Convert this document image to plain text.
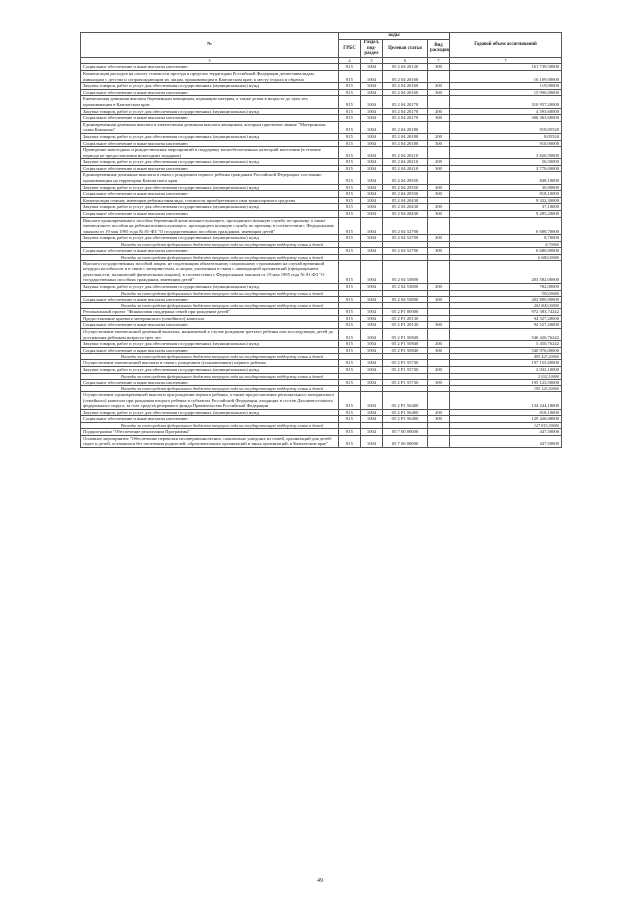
№	коды				Годовой объем ассигнований
	ГРБС	Раздел, под-раздел	Целевая статья	Вид расходов	
3	4	5	6	7	7
Социальное обеспечение и иные выплаты населению	815	1004	05 2 04 20120	300	161 739,50000
Компенсация расходов на оплату стоимости проезда в пределах территории Российской Федерации детям-инвалидам, инвалидам с детства и сопровождающим их лицам, проживающим в Камчатском крае, к месту отдыха и обратно	815	1004	05 2 04 20160		16 109,00000
Закупка товаров, работ и услуг для обеспечения государственных (муниципальных) нужд	815	1004	05 2 04 20160	200	119,00000
Социальное обеспечение и иные выплаты населению	815	1004	05 2 04 20160	300	15 990,00000
Ежемесячная денежная выплата беременным женщинам, кормящим матерям, а также детям в возрасте до трех лет, проживающим в Камчатском крае	815	1004	05 2 04 20170		310 957,20000
Закупка товаров, работ и услуг для обеспечения государственных (муниципальных) нужд	815	1004	05 2 04 20170	200	4 593,60000
Социальное обеспечение и иные выплаты населению	815	1004	05 2 04 20170	300	306 363,60000
Единовременная денежная выплата и ежемесячная денежная выплата женщинам, которым присвоено звание "Материнская слава Камчатки"	815	1004	05 2 04 20180		918,05520
Закупка товаров, работ и услуг для обеспечения государственных (муниципальных) нужд	815	1004	05 2 04 20180	200	8,05520
Социальное обеспечение и иные выплаты населению	815	1004	05 2 04 20180	300	910,00000
Проведение новогодних и рождественских мероприятий в поддержку малообеспеченных категорий населения (в течение периода не предоставления новогодних подарков)	815	1004	05 2 04 20210		3 826,50000
Закупка товаров, работ и услуг для обеспечения государственных (муниципальных) нужд	815	1004	05 2 04 20210	200	56,50000
Социальное обеспечение и иные выплаты населению	815	1004	05 2 04 20210	300	3 770,00000
Единовременные денежные выплаты в связи с рождением первого ребенка гражданам Российской Федерации, постоянно проживающим на территории Камчатского края	815	1004	05 2 04 20350		848,10000
Закупка товаров, работ и услуг для обеспечения государственных (муниципальных) нужд	815	1004	05 2 04 20350	200	30,00000
Социальное обеспечение и иные выплаты населению	815	1004	05 2 04 20350	300	818,10000
Компенсация семьям, имеющим ребенка-инвалида, стоимости приобретенного ими транспортного средства	815	1004	05 2 04 20430		9 322,30000
Закупка товаров, работ и услуг для обеспечения государственных (муниципальных) нужд	815	1004	05 2 04 20430	200	37,10000
Социальное обеспечение и иные выплаты населению	815	1004	05 2 04 20430	300	9 285,20000
Выплата единовременного пособия беременной жене военнослужащего, проходящего военную службу по призыву, а также ежемесячного пособия на ребенка военнослужащего, проходящего военную службу по призыву, в соответствии с Федеральным законом от 19 мая 1995 года № 81-ФЗ "О государственных пособиях гражданам, имеющим детей"	815	1004	05 2 04 52700		6 688,70000
Закупка товаров, работ и услуг для обеспечения государственных (муниципальных) нужд	815	1004	05 2 04 52700	200	8,70000
Расходы за счет средств федерального бюджета текущего года на государственную поддержку семьи и детей					8,70000
Социальное обеспечение и иные выплаты населению	815	1004	05 2 04 52700	300	6 680,00000
Расходы за счет средств федерального бюджета текущего года на государственную поддержку семьи и детей					6 680,00000
Выплата государственных пособий лицам, не подлежащим обязательному социальному страхованию на случай временной нетрудоспособности и в связи с материнством, и лицам, уволенным в связи с ликвидацией организаций (прекращением деятельности, полномочий физическими лицами), в соответствии с Федеральным законом от 19 мая 1995 года № 81-ФЗ "О государственных пособиях гражданам, имеющим детей"	815	1004	05 2 04 53800		203 582,00000
Закупка товаров, работ и услуг для обеспечения государственных (муниципальных) нужд	815	1004	05 2 04 53800	200	782,00000
Расходы за счет средств федерального бюджета текущего года на государственную поддержку семьи и детей					782,00000
Социальное обеспечение и иные выплаты населению	815	1004	05 2 04 53800	300	202 800,00000
Расходы за счет средств федерального бюджета текущего года на государственную поддержку семьи и детей					202 800,00000
Региональный проект "Финансовая поддержка семей при рождении детей"	815	1004	05 2 P1 00000		972 383,74242
Предоставление краевого материнского (семейного) капитала	815	1004	05 2 P1 20130		94 527,20000
Социальное обеспечение и иные выплаты населению	815	1004	05 2 P1 20130	300	94 527,20000
Осуществление ежемесячной денежной выплаты, назначаемой в случае рождения третьего ребенка или последующих детей до достижения ребенком возраста трех лет	815	1004	05 2 P1 50840		546 426,76242
Закупка товаров, работ и услуг для обеспечения государственных (муниципальных) нужд	815	1004	05 2 P1 50840	200	5 450,76242
Социальное обеспечение и иные выплаты населению	815	1004	05 2 P1 50840	300	540 976,00000
Расходы за счет средств федерального бюджета текущего года на государственную поддержку семьи и детей					495 427,20000
Осуществление ежемесячной выплаты в связи с рождением (усыновлением) первого ребенка	815	1004	05 2 P1 55730		197 155,60000
Закупка товаров, работ и услуг для обеспечения государственных (муниципальных) нужд	815	1004	05 2 P1 55730	200	2 032,10000
Расходы за счет средств федерального бюджета текущего года на государственную поддержку семьи и детей					2 032,10000
Социальное обеспечение и иные выплаты населению	815	1004	05 2 P1 55730	300	195 123,50000
Расходы за счет средств федерального бюджета текущего года на государственную поддержку семьи и детей					195 123,50000
Осуществление единовременной выплаты при рождении первого ребенка, а также предоставление регионального материнского (семейного) капитала при рождении второго ребенка в субъектах Российской Федерации, входящих в состав Дальневосточного федерального округа, за счет средств резервного фонда Правительства Российской Федерации	815	1004	05 2 P1 56400		134 244,18000
Закупка товаров, работ и услуг для обеспечения государственных (муниципальных) нужд	815	1004	05 2 P1 56400	200	818,10000
Социальное обеспечение и иные выплаты населению	815	1004	05 2 P1 56400	300	129 426,08000
Расходы за счет средств федерального бюджета текущего года на государственную поддержку семьи и детей					127 813,30000
Подпрограмма "Обеспечение реализации Программы"	815	1004	05 7 00 00000		447,50000
Основное мероприятие "Обеспечение перевозки несовершеннолетних, самовольно ушедших из семей, организаций для детей-сирот и детей, оставшихся без попечения родителей, образовательных организаций и иных организаций, в Камчатском крае"	815	1004	05 7 06 00000		447,50000
49
